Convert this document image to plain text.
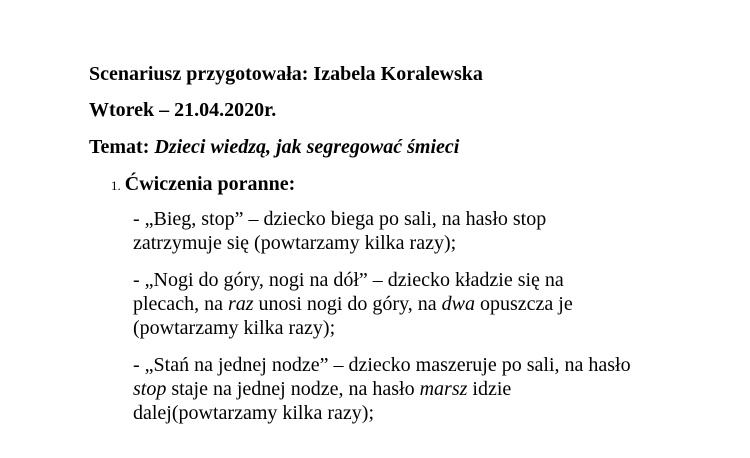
Scenariusz przygotowała: Izabela Koralewska
Wtorek – 21.04.2020r.
Temat: Dzieci wiedzą, jak segregować śmieci
1. Ćwiczenia poranne:
- „Bieg, stop” – dziecko biega po sali, na hasło stop zatrzymuje się (powtarzamy kilka razy);
- „Nogi do góry, nogi na dół” – dziecko kładzie się na plecach, na raz unosi nogi do góry, na dwa opuszcza je (powtarzamy kilka razy);
- „Stań na jednej nodze” – dziecko maszeruje po sali, na hasło stop staje na jednej nodze, na hasło marsz idzie dalej(powtarzamy kilka razy);
